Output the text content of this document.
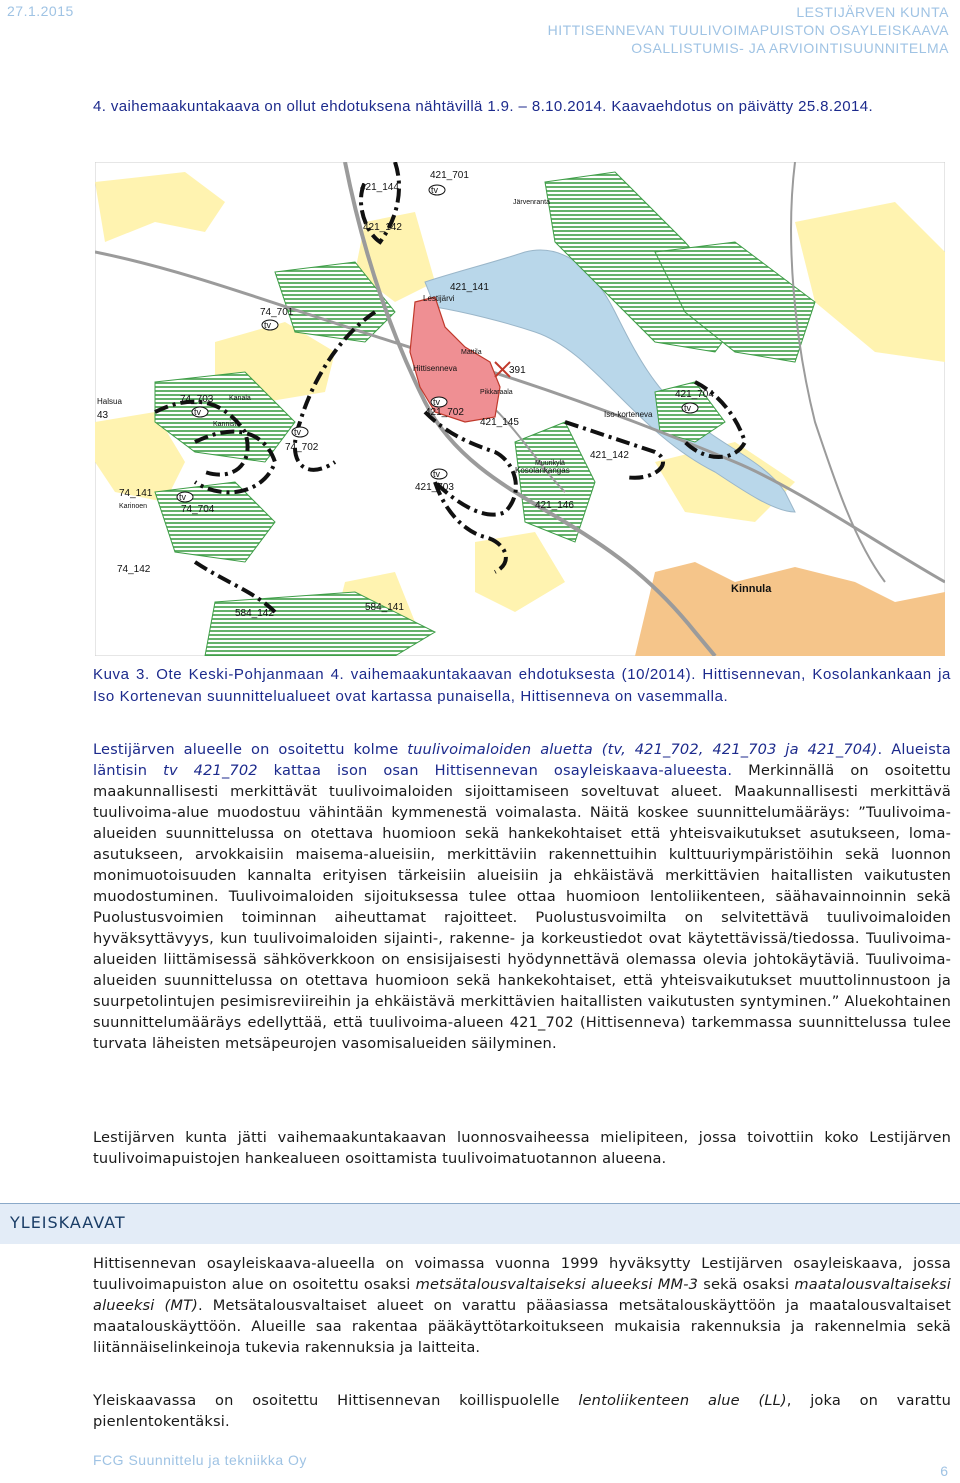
27.1.2015	LESTIJÄRVEN KUNTA
HITTISENNEVAN TUULIVOIMAPUISTON OSAYLEISKAAVA
OSALLISTUMIS- JA ARVIOINTISUUNNITELMA
4. vaihemaakuntakaava on ollut ehdotuksena nähtävillä 1.9. – 8.10.2014. Kaavaehdotus on päivätty 25.8.2014.
421_701
421_144
421_142
421_141
74_701
74_703
74_702
74_141
74_704
74_142
421_702
421_145
421_703
421_704
421_142
421_146
584_142
584_141
391
43
Hittisenneva
Lestijärvi
Kosolankangas
Iso-korteneva
Kinnula
Halsua
Järvenranta
Kanala
Kannisto
Karinoen
Mattila
Pikkaraala
Muurikylä
tv
tv
tv
tv
tv
tv
tv
tv
Kuva 3. Ote Keski-Pohjanmaan 4. vaihemaakuntakaavan ehdotuksesta (10/2014). Hittisennevan, Kosolankankaan ja Iso Kortenevan suunnittelualueet ovat kartassa punaisella, Hittisenneva on vasemmalla.
Lestijärven alueelle on osoitettu kolme tuulivoimaloiden aluetta (tv, 421_702, 421_703 ja 421_704). Alueista läntisin tv 421_702 kattaa ison osan Hittisennevan osayleiskaava-alueesta. Merkinnällä on osoitettu maakunnallisesti merkittävät tuulivoimaloiden sijoittamiseen soveltuvat alueet. Maakunnallisesti merkittävä tuulivoima-alue muodostuu vähintään kymmenestä voimalasta. Näitä koskee suunnittelumääräys: ”Tuulivoima-alueiden suunnittelussa on otettava huomioon sekä hankekohtaiset että yhteisvaikutukset asutukseen, loma-asutukseen, arvokkaisiin maisema-alueisiin, merkittäviin rakennettuihin kulttuuriympäristöihin sekä luonnon monimuotoisuuden kannalta erityisen tärkeisiin alueisiin ja ehkäistävä merkittävien haitallisten vaikutusten muodostuminen. Tuulivoimaloiden sijoituksessa tulee ottaa huomioon lentoliikenteen, säähavainnoinnin sekä Puolustusvoimien toiminnan aiheuttamat rajoitteet. Puolustusvoimilta on selvitettävä tuulivoimaloiden hyväksyttävyys, kun tuulivoimaloiden sijainti-, rakenne- ja korkeustiedot ovat käytettävissä/tiedossa. Tuulivoima-alueiden liittämisessä sähköverkkoon on ensisijaisesti hyödynnettävä olemassa olevia johtokäytäviä. Tuulivoima-alueiden suunnittelussa on otettava huomioon sekä hankekohtaiset, että yhteisvaikutukset muuttolinnustoon ja suurpetolintujen pesimisreviireihin ja ehkäistävä merkittävien haitallisten vaikutusten syntyminen.” Aluekohtainen suunnittelumääräys edellyttää, että tuulivoima-alueen 421_702 (Hittisenneva) tarkemmassa suunnittelussa tulee turvata läheisten metsäpeurojen vasomisalueiden säilyminen.
Lestijärven kunta jätti vaihemaakuntakaavan luonnosvaiheessa mielipiteen, jossa toivottiin koko Lestijärven tuulivoimapuistojen hankealueen osoittamista tuulivoimatuotannon alueena.
YLEISKAAVAT
Hittisennevan osayleiskaava-alueella on voimassa vuonna 1999 hyväksytty Lestijärven osayleiskaava, jossa tuulivoimapuiston alue on osoitettu osaksi metsätalousvaltaiseksi alueeksi MM-3 sekä osaksi maatalousvaltaiseksi alueeksi (MT). Metsätalousvaltaiset alueet on varattu pääasiassa metsätalouskäyttöön ja maatalousvaltaiset maatalouskäyttöön. Alueille saa rakentaa pääkäyttötarkoitukseen mukaisia rakennuksia ja rakennelmia sekä liitännäiselinkeinoja tukevia rakennuksia ja laitteita.
Yleiskaavassa on osoitettu Hittisennevan koillispuolelle lentoliikenteen alue (LL), joka on varattu pienlentokentäksi.
FCG Suunnittelu ja tekniikka Oy
6
